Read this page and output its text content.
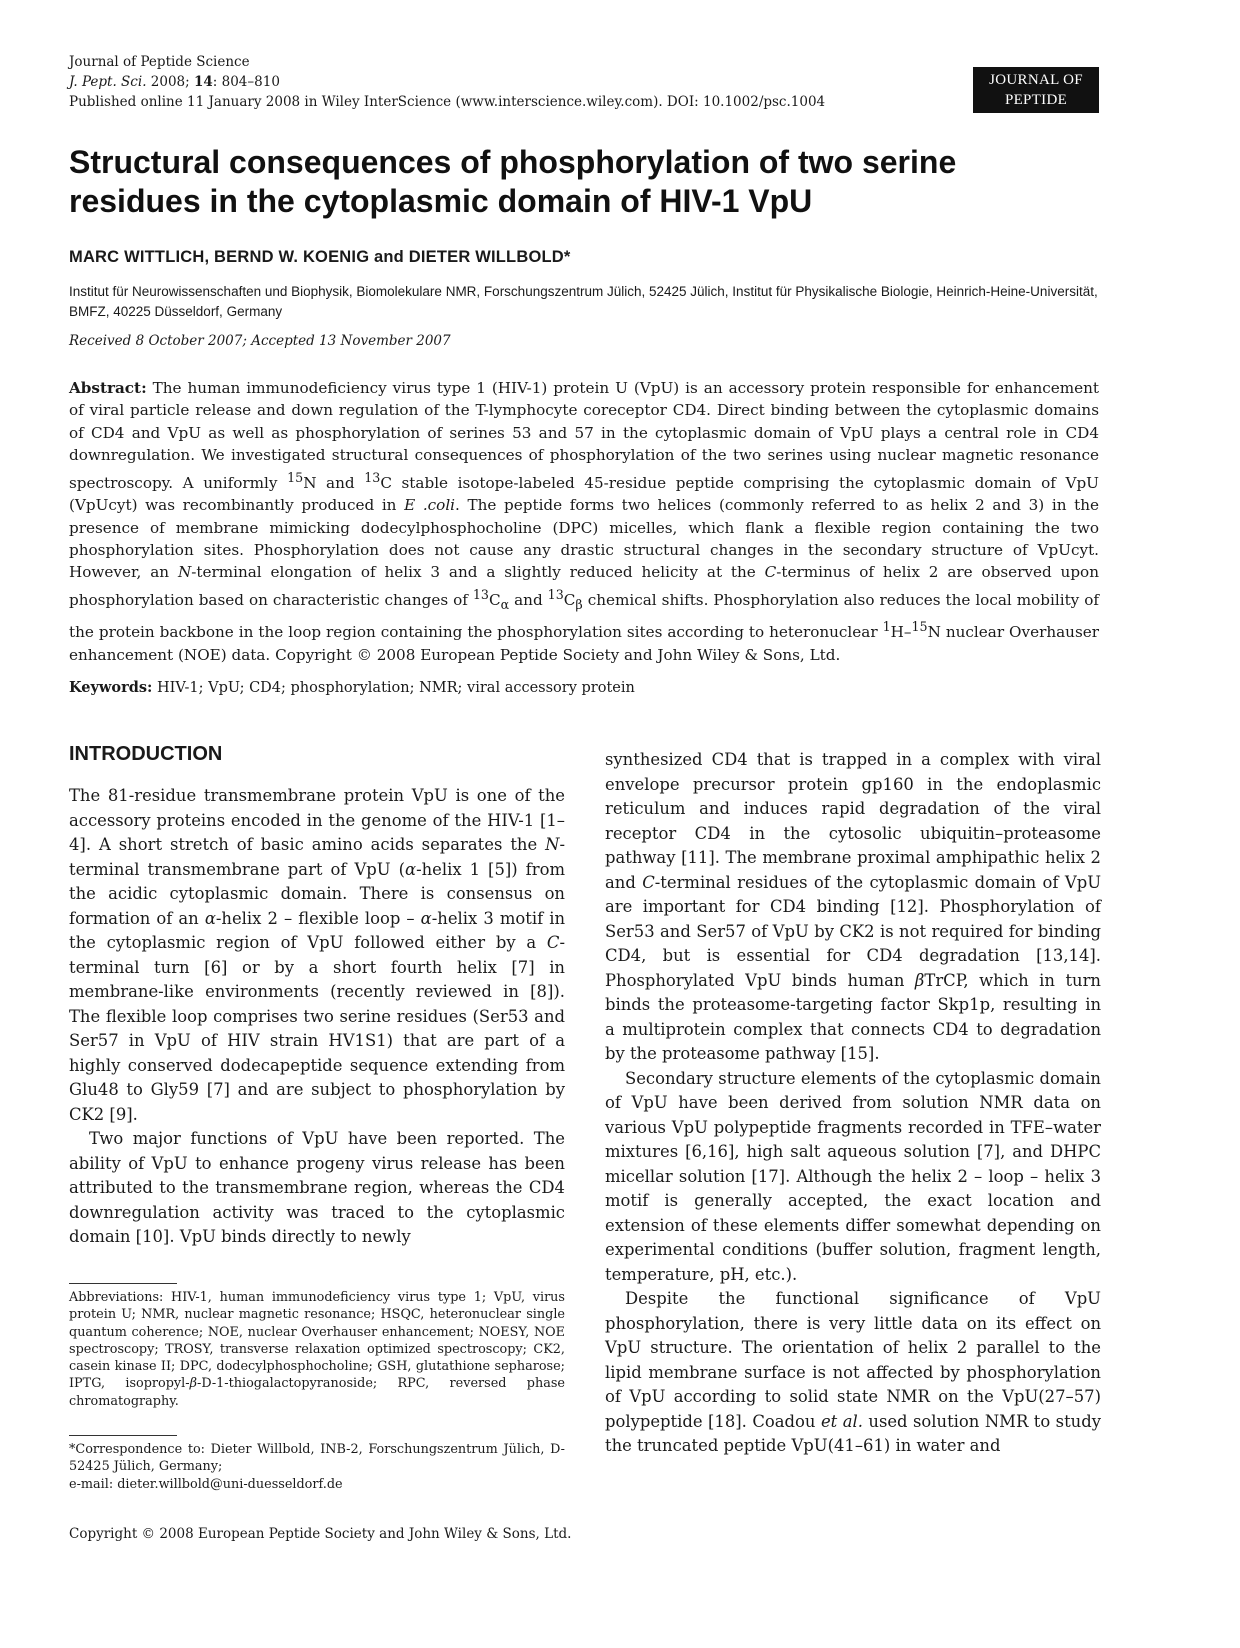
Journal of Peptide Science
J. Pept. Sci. 2008; 14: 804–810
Published online 11 January 2008 in Wiley InterScience (www.interscience.wiley.com). DOI: 10.1002/psc.1004
JOURNAL OF
PEPTIDE SCIENCE
Structural consequences of phosphorylation of two serine
residues in the cytoplasmic domain of HIV-1 VpU
MARC WITTLICH, BERND W. KOENIG and DIETER WILLBOLD*
Institut für Neurowissenschaften und Biophysik, Biomolekulare NMR, Forschungszentrum Jülich, 52425 Jülich, Institut für Physikalische Biologie, Heinrich-Heine-Universität, BMFZ, 40225 Düsseldorf, Germany
Received 8 October 2007; Accepted 13 November 2007
Abstract: The human immunodeficiency virus type 1 (HIV-1) protein U (VpU) is an accessory protein responsible for enhancement of viral particle release and down regulation of the T-lymphocyte coreceptor CD4. Direct binding between the cytoplasmic domains of CD4 and VpU as well as phosphorylation of serines 53 and 57 in the cytoplasmic domain of VpU plays a central role in CD4 downregulation. We investigated structural consequences of phosphorylation of the two serines using nuclear magnetic resonance spectroscopy. A uniformly $^{15}$N and $^{13}$C stable isotope-labeled 45-residue peptide comprising the cytoplasmic domain of VpU (VpUcyt) was recombinantly produced in E .coli. The peptide forms two helices (commonly referred to as helix 2 and 3) in the presence of membrane mimicking dodecylphosphocholine (DPC) micelles, which flank a flexible region containing the two phosphorylation sites. Phosphorylation does not cause any drastic structural changes in the secondary structure of VpUcyt. However, an N-terminal elongation of helix 3 and a slightly reduced helicity at the C-terminus of helix 2 are observed upon phosphorylation based on characteristic changes of $^{13}C_\alpha$ and $^{13}C_\beta$ chemical shifts. Phosphorylation also reduces the local mobility of the protein backbone in the loop region containing the phosphorylation sites according to heteronuclear $^1$H–$^{15}$N nuclear Overhauser enhancement (NOE) data. Copyright © 2008 European Peptide Society and John Wiley & Sons, Ltd.
Keywords: HIV-1; VpU; CD4; phosphorylation; NMR; viral accessory protein
INTRODUCTION

The 81-residue transmembrane protein VpU is one of the accessory proteins encoded in the genome of the HIV-1 [1–4]. A short stretch of basic amino acids separates the N-terminal transmembrane part of VpU (α-helix 1 [5]) from the acidic cytoplasmic domain. There is consensus on formation of an α-helix 2 – flexible loop – α-helix 3 motif in the cytoplasmic region of VpU followed either by a C-terminal turn [6] or by a short fourth helix [7] in membrane-like environments (recently reviewed in [8]). The flexible loop comprises two serine residues (Ser53 and Ser57 in VpU of HIV strain HV1S1) that are part of a highly conserved dodecapeptide sequence extending from Glu48 to Gly59 [7] and are subject to phosphorylation by CK2 [9].

Two major functions of VpU have been reported. The ability of VpU to enhance progeny virus release has been attributed to the transmembrane region, whereas the CD4 downregulation activity was traced to the cytoplasmic domain [10]. VpU binds directly to newly

synthesized CD4 that is trapped in a complex with viral envelope precursor protein gp160 in the endoplasmic reticulum and induces rapid degradation of the viral receptor CD4 in the cytosolic ubiquitin–proteasome pathway [11]. The membrane proximal amphipathic helix 2 and C-terminal residues of the cytoplasmic domain of VpU are important for CD4 binding [12]. Phosphorylation of Ser53 and Ser57 of VpU by CK2 is not required for binding CD4, but is essential for CD4 degradation [13,14]. Phosphorylated VpU binds human βTrCP, which in turn binds the proteasome-targeting factor Skp1p, resulting in a multiprotein complex that connects CD4 to degradation by the proteasome pathway [15].

Secondary structure elements of the cytoplasmic domain of VpU have been derived from solution NMR data on various VpU polypeptide fragments recorded in TFE–water mixtures [6,16], high salt aqueous solution [7], and DHPC micellar solution [17]. Although the helix 2 – loop – helix 3 motif is generally accepted, the exact location and extension of these elements differ somewhat depending on experimental conditions (buffer solution, fragment length, temperature, pH, etc.).

Despite the functional significance of VpU phosphorylation, there is very little data on its effect on VpU structure. The orientation of helix 2 parallel to the lipid membrane surface is not affected by phosphorylation of VpU according to solid state NMR on the VpU(27–57) polypeptide [18]. Coadou et al. used solution NMR to study the truncated peptide VpU(41–61) in water and

Abbreviations: HIV-1, human immunodeficiency virus type 1; VpU, virus protein U; NMR, nuclear magnetic resonance; HSQC, heteronuclear single quantum coherence; NOE, nuclear Overhauser enhancement; NOESY, NOE spectroscopy; TROSY, transverse relaxation optimized spectroscopy; CK2, casein kinase II; DPC, dodecylphosphocholine; GSH, glutathione sepharose; IPTG, isopropyl-β-D-1-thiogalactopyranoside; RPC, reversed phase chromatography.
*Correspondence to: Dieter Willbold, INB-2, Forschungszentrum Jülich, D-52425 Jülich, Germany;
e-mail: dieter.willbold@uni-duesseldorf.de
Copyright © 2008 European Peptide Society and John Wiley & Sons, Ltd.
